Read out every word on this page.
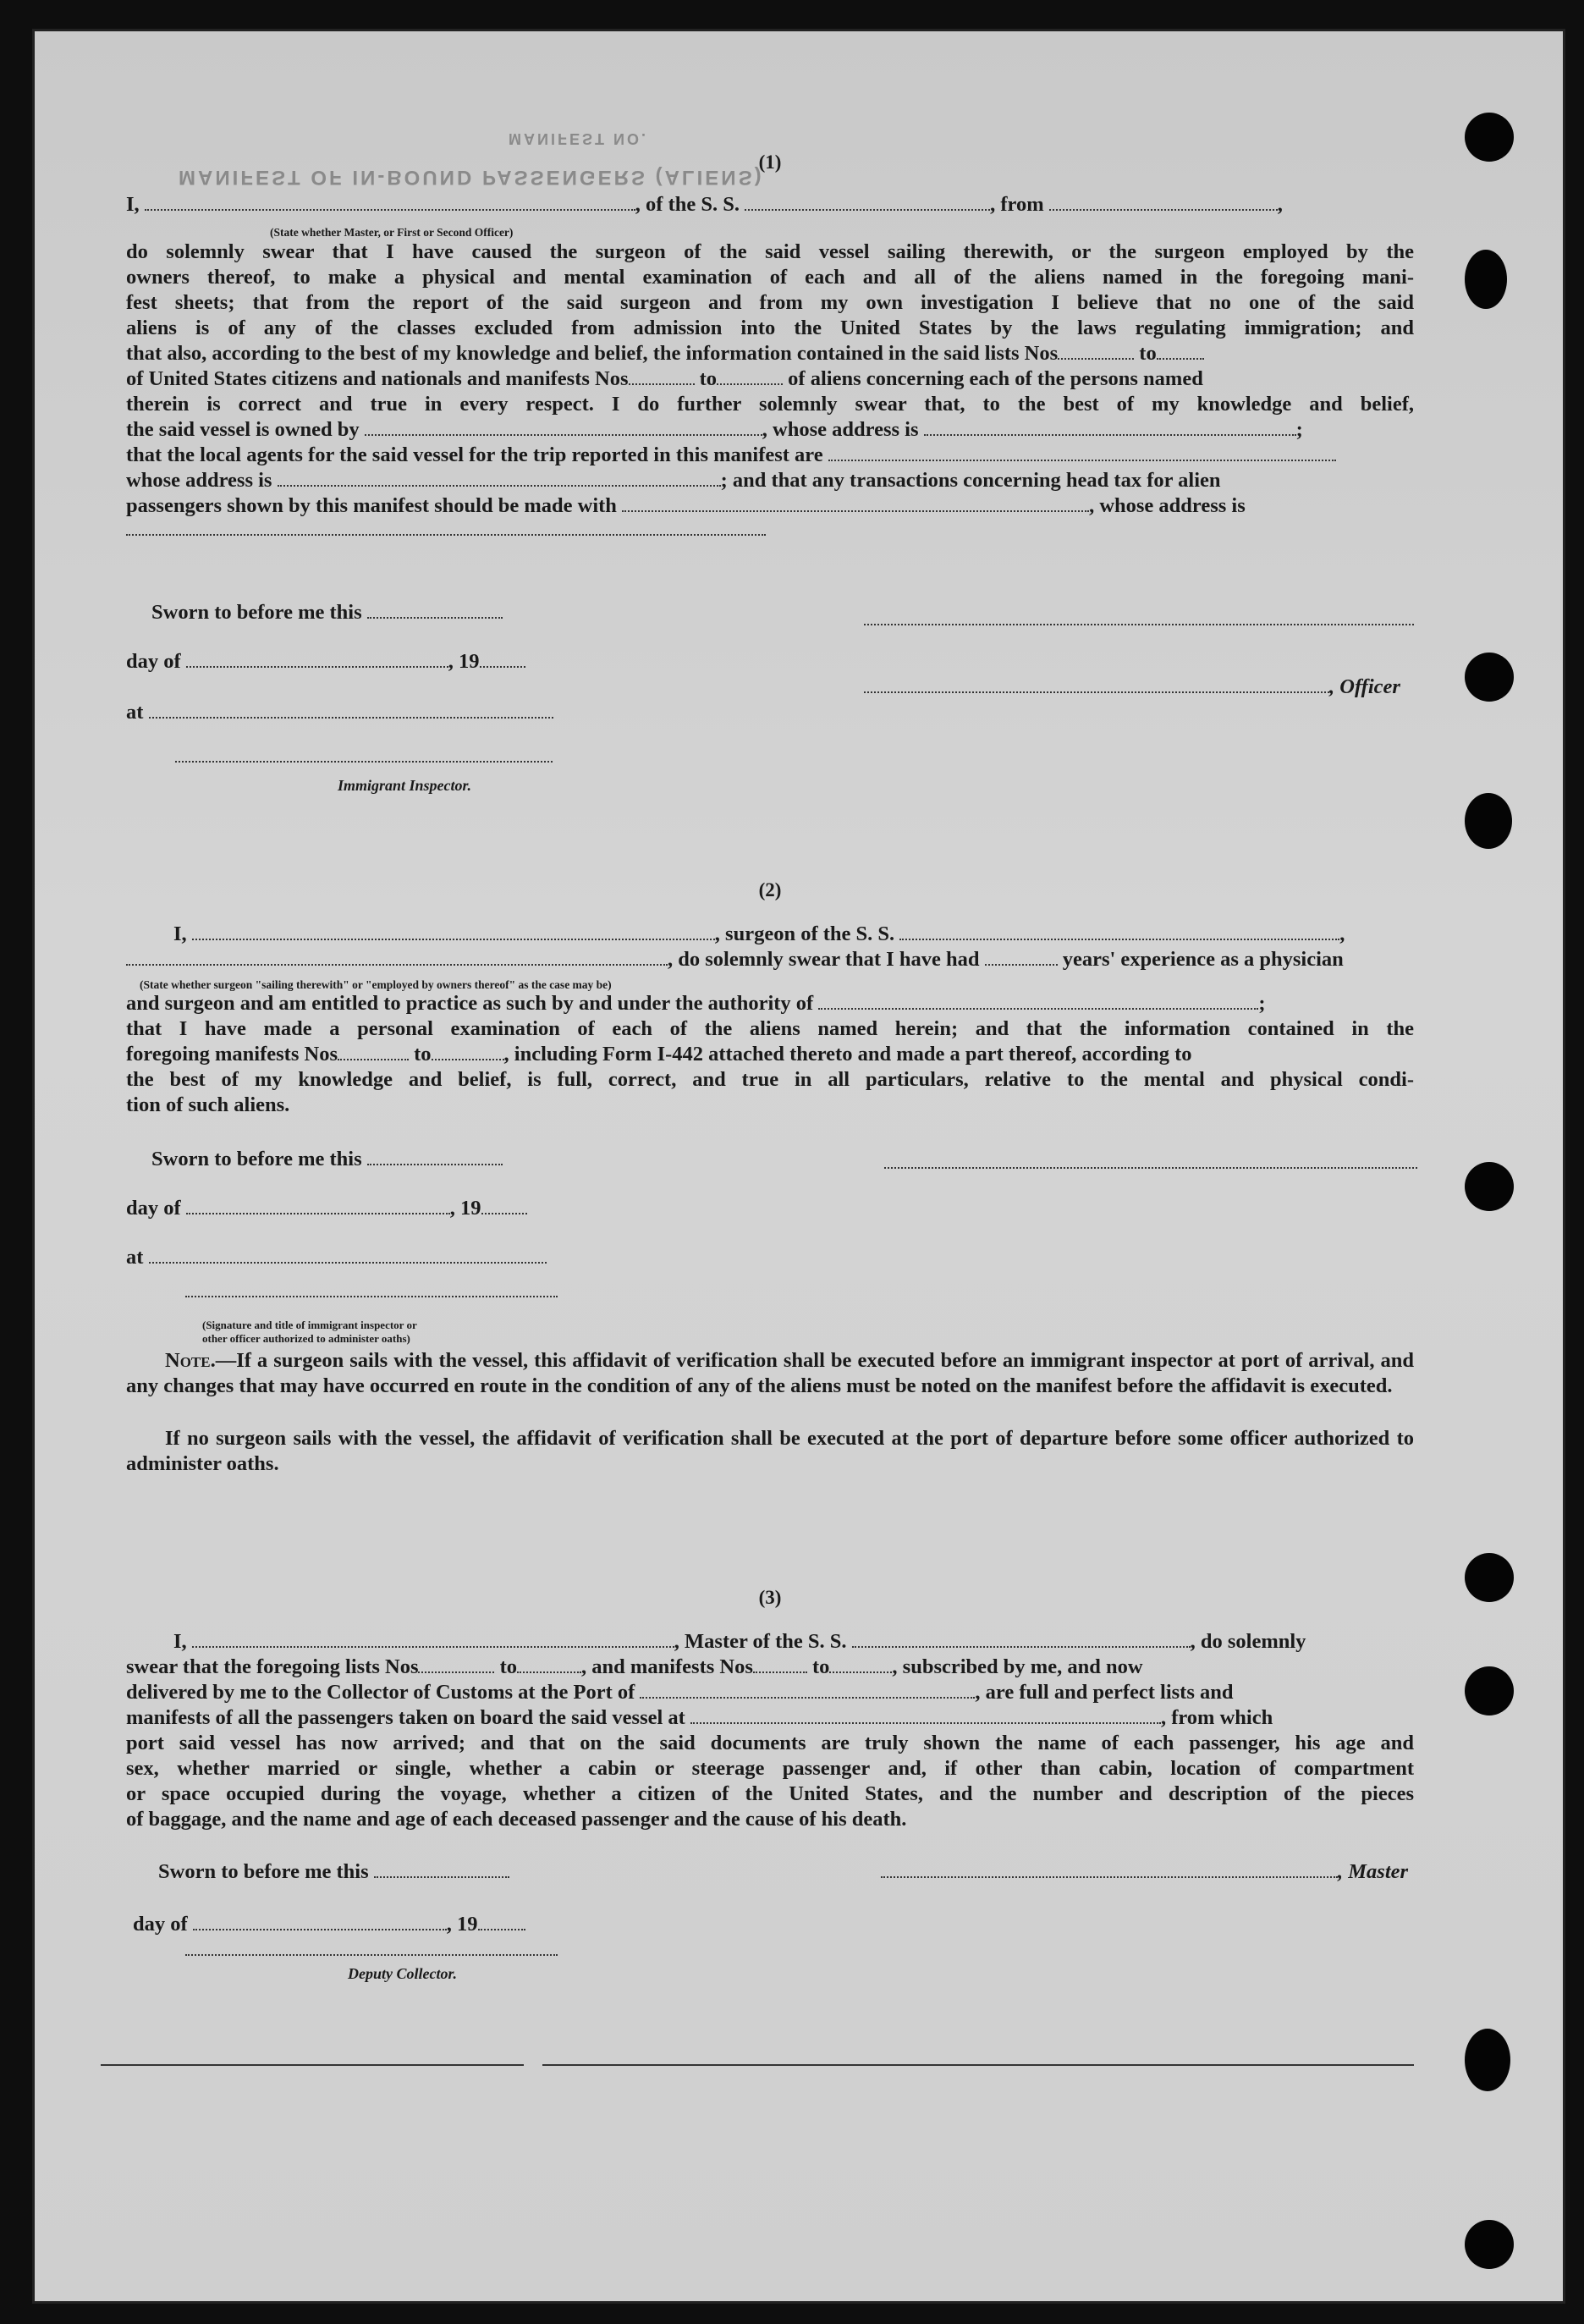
MANIFEST OF IN-BOUND PASSENGERS (ALIENS)
MANIFEST NO.
(1)
I,	, of the S. S.	, from	,
(State whether Master, or First or Second Officer)
do solemnly swear that I have caused the surgeon of the said vessel sailing therewith, or the surgeon employed by the
owners thereof, to make a physical and mental examination of each and all of the aliens named in the foregoing mani-
fest sheets; that from the report of the said surgeon and from my own investigation I believe that no one of the said
aliens is of any of the classes excluded from admission into the United States by the laws regulating immigration; and
that also, according to the best of my knowledge and belief, the information contained in the said lists Nos	to
of United States citizens and nationals and manifests Nos	to	of aliens concerning each of the persons named
therein is correct and true in every respect. I do further solemnly swear that, to the best of my knowledge and belief,
the said vessel is owned by	, whose address is	;
that the local agents for the said vessel for the trip reported in this manifest are
whose address is	; and that any transactions concerning head tax for alien
passengers shown by this manifest should be made with	, whose address is
Sworn to before me this
day of	, 19
, Officer
at
Immigrant Inspector.
(2)
I,	, surgeon of the S. S.	,
, do solemnly swear that I have had	years' experience as a physician
(State whether surgeon "sailing therewith" or "employed by owners thereof" as the case may be)
and surgeon and am entitled to practice as such by and under the authority of	;
that I have made a personal examination of each of the aliens named herein; and that the information contained in the
foregoing manifests Nos	to	, including Form I-442 attached thereto and made a part thereof, according to
the best of my knowledge and belief, is full, correct, and true in all particulars, relative to the mental and physical condi-
tion of such aliens.
Sworn to before me this
day of	, 19
at
(Signature and title of immigrant inspector or
other officer authorized to administer oaths)
Note.—If a surgeon sails with the vessel, this affidavit of verification shall be executed before an immigrant inspector at port of arrival, and any changes that may have occurred en route in the condition of any of the aliens must be noted on the manifest before the affidavit is executed.
If no surgeon sails with the vessel, the affidavit of verification shall be executed at the port of departure before some officer authorized to administer oaths.
(3)
I,	, Master of the S. S.	, do solemnly
swear that the foregoing lists Nos	to	, and manifests Nos	to	, subscribed by me, and now
delivered by me to the Collector of Customs at the Port of	, are full and perfect lists and
manifests of all the passengers taken on board the said vessel at	, from which
port said vessel has now arrived; and that on the said documents are truly shown the name of each passenger, his age and
sex, whether married or single, whether a cabin or steerage passenger and, if other than cabin, location of compartment
or space occupied during the voyage, whether a citizen of the United States, and the number and description of the pieces
of baggage, and the name and age of each deceased passenger and the cause of his death.
Sworn to before me this	, Master
day of	, 19
Deputy Collector.
